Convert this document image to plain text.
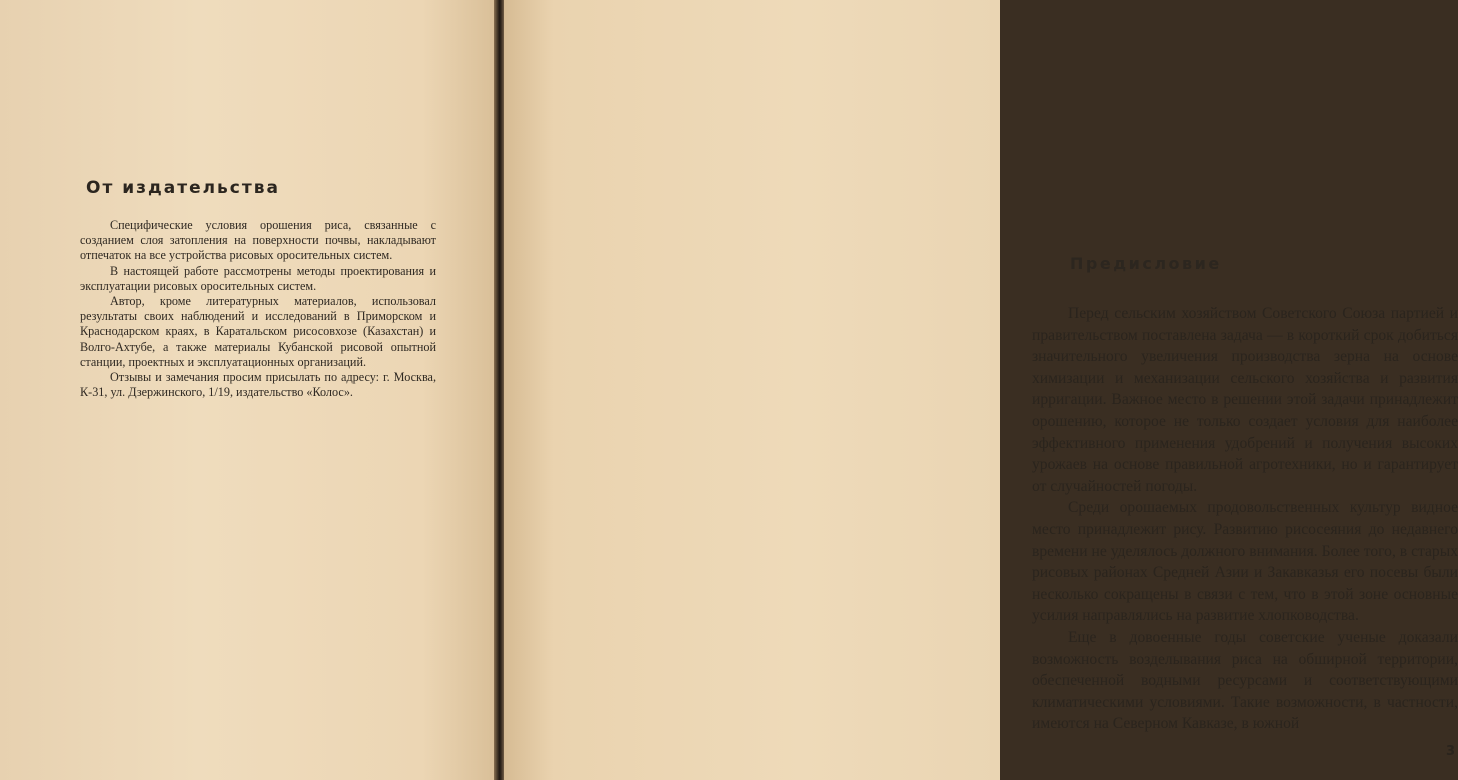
От издательства

Специфические условия орошения риса, связанные с созданием слоя затопления на поверхности почвы, накладывают отпечаток на все устройства рисовых оросительных систем.

В настоящей работе рассмотрены методы проектирования и эксплуатации рисовых оросительных систем.

Автор, кроме литературных материалов, использовал результаты своих наблюдений и исследований в Приморском и Краснодарском краях, в Каратальском рисосовхозе (Казахстан) и Волго-Ахтубе, а также материалы Кубанской рисовой опытной станции, проектных и эксплуатационных организаций.

Отзывы и замечания просим присылать по адресу: г. Москва, К-31, ул. Дзержинского, 1/19, издательство «Колос».

Предисловие

Перед сельским хозяйством Советского Союза партией и правительством поставлена задача — в короткий срок добиться значительного увеличения производства зерна на основе химизации и механизации сельского хозяйства и развития ирригации. Важное место в решении этой задачи принадлежит орошению, которое не только создает условия для наиболее эффективного применения удобрений и получения высоких урожаев на основе правильной агротехники, но и гарантирует от случайностей погоды.

Среди орошаемых продовольственных культур видное место принадлежит рису. Развитию рисосеяния до недавнего времени не уделялось должного внимания. Более того, в старых рисовых районах Средней Азии и Закавказья его посевы были несколько сокращены в связи с тем, что в этой зоне основные усилия направлялись на развитие хлопководства.

Еще в довоенные годы советские ученые доказали возможность возделывания риса на обширной территории, обеспеченной водными ресурсами и соответствующими климатическими условиями. Такие возможности, в частности, имеются на Северном Кавказе, в южной

3
